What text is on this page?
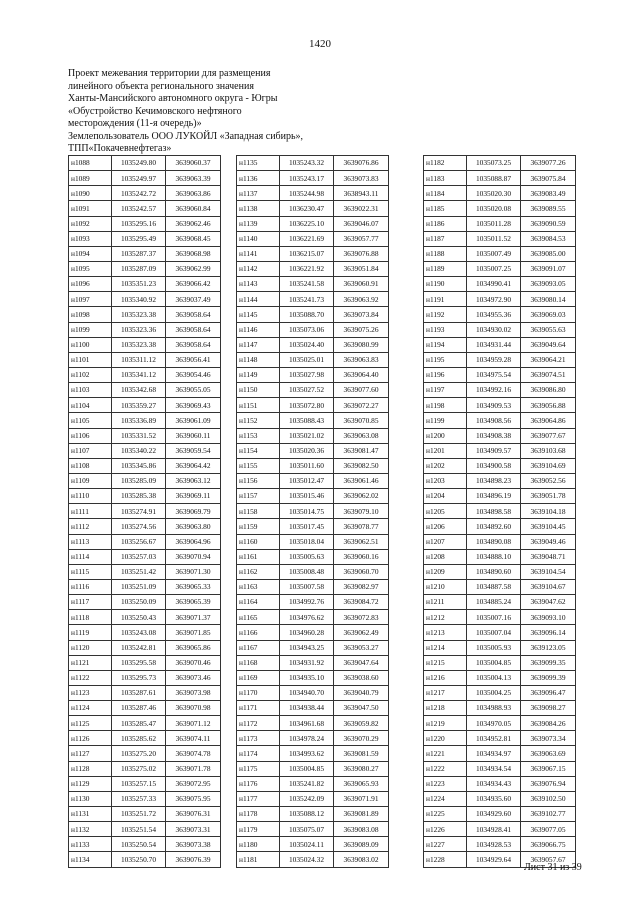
1420
Проект межевания территории для размещения
линейного объекта регионального значения
Ханты-Мансийского автономного округа - Югры
«Обустройство Кечимовского нефтяного
месторождения (11-я очередь)»
Землепользователь ООО ЛУКОЙЛ «Западная сибирь»,
ТПП«Покачевнефтегаз»
н1088	1035249.80	3639060.37
н1089	1035249.97	3639063.39
н1090	1035242.72	3639063.86
н1091	1035242.57	3639060.84
н1092	1035295.16	3639062.46
н1093	1035295.49	3639068.45
н1094	1035287.37	3639068.98
н1095	1035287.09	3639062.99
н1096	1035351.23	3639066.42
н1097	1035340.92	3639037.49
н1098	1035323.38	3639058.64
н1099	1035323.36	3639058.64
н1100	1035323.38	3639058.64
н1101	1035311.12	3639056.41
н1102	1035341.12	3639054.46
н1103	1035342.68	3639055.05
н1104	1035359.27	3639069.43
н1105	1035336.89	3639061.09
н1106	1035331.52	3639060.11
н1107	1035340.22	3639059.54
н1108	1035345.86	3639064.42
н1109	1035285.09	3639063.12
н1110	1035285.38	3639069.11
н1111	1035274.91	3639069.79
н1112	1035274.56	3639063.80
н1113	1035256.67	3639064.96
н1114	1035257.03	3639070.94
н1115	1035251.42	3639071.30
н1116	1035251.09	3639065.33
н1117	1035250.09	3639065.39
н1118	1035250.43	3639071.37
н1119	1035243.08	3639071.85
н1120	1035242.81	3639065.86
н1121	1035295.58	3639070.46
н1122	1035295.73	3639073.46
н1123	1035287.61	3639073.98
н1124	1035287.46	3639070.98
н1125	1035285.47	3639071.12
н1126	1035285.62	3639074.11
н1127	1035275.20	3639074.78
н1128	1035275.02	3639071.78
н1129	1035257.15	3639072.95
н1130	1035257.33	3639075.95
н1131	1035251.72	3639076.31
н1132	1035251.54	3639073.31
н1133	1035250.54	3639073.38
н1134	1035250.70	3639076.39
н1135	1035243.32	3639076.86
н1136	1035243.17	3639073.83
н1137	1035244.98	3638943.11
н1138	1036230.47	3639022.31
н1139	1036225.10	3639046.07
н1140	1036221.69	3639057.77
н1141	1036215.07	3639076.88
н1142	1036221.92	3639051.84
н1143	1035241.58	3639060.91
н1144	1035241.73	3639063.92
н1145	1035088.70	3639073.84
н1146	1035073.06	3639075.26
н1147	1035024.40	3639080.99
н1148	1035025.01	3639063.83
н1149	1035027.98	3639064.40
н1150	1035027.52	3639077.60
н1151	1035072.80	3639072.27
н1152	1035088.43	3639070.85
н1153	1035021.02	3639063.08
н1154	1035020.36	3639081.47
н1155	1035011.60	3639082.50
н1156	1035012.47	3639061.46
н1157	1035015.46	3639062.02
н1158	1035014.75	3639079.10
н1159	1035017.45	3639078.77
н1160	1035018.04	3639062.51
н1161	1035005.63	3639060.16
н1162	1035008.48	3639060.70
н1163	1035007.58	3639082.97
н1164	1034992.76	3639084.72
н1165	1034976.62	3639072.83
н1166	1034960.28	3639062.49
н1167	1034943.25	3639053.27
н1168	1034931.92	3639047.64
н1169	1034935.10	3639038.60
н1170	1034940.70	3639040.79
н1171	1034938.44	3639047.50
н1172	1034961.68	3639059.82
н1173	1034978.24	3639070.29
н1174	1034993.62	3639081.59
н1175	1035004.85	3639080.27
н1176	1035241.82	3639065.93
н1177	1035242.09	3639071.91
н1178	1035088.12	3639081.89
н1179	1035075.07	3639083.08
н1180	1035024.11	3639089.09
н1181	1035024.32	3639083.02
н1182	1035073.25	3639077.26
н1183	1035088.87	3639075.84
н1184	1035020.30	3639083.49
н1185	1035020.08	3639089.55
н1186	1035011.28	3639090.59
н1187	1035011.52	3639084.53
н1188	1035007.49	3639085.00
н1189	1035007.25	3639091.07
н1190	1034990.41	3639093.05
н1191	1034972.90	3639080.14
н1192	1034955.36	3639069.03
н1193	1034930.02	3639055.63
н1194	1034931.44	3639049.64
н1195	1034959.28	3639064.21
н1196	1034975.54	3639074.51
н1197	1034992.16	3639086.80
н1198	1034909.53	3639056.88
н1199	1034908.56	3639064.86
н1200	1034908.38	3639077.67
н1201	1034909.57	3639103.68
н1202	1034900.58	3639104.69
н1203	1034898.23	3639052.56
н1204	1034896.19	3639051.78
н1205	1034898.58	3639104.18
н1206	1034892.60	3639104.45
н1207	1034890.08	3639049.46
н1208	1034888.10	3639048.71
н1209	1034890.60	3639104.54
н1210	1034887.58	3639104.67
н1211	1034885.24	3639047.62
н1212	1035007.16	3639093.10
н1213	1035007.04	3639096.14
н1214	1035005.93	3639123.05
н1215	1035004.85	3639099.35
н1216	1035004.13	3639099.39
н1217	1035004.25	3639096.47
н1218	1034988.93	3639098.27
н1219	1034970.05	3639084.26
н1220	1034952.81	3639073.34
н1221	1034934.97	3639063.69
н1222	1034934.54	3639067.15
н1223	1034934.43	3639076.94
н1224	1034935.60	3639102.50
н1225	1034929.60	3639102.77
н1226	1034928.41	3639077.05
н1227	1034928.53	3639066.75
н1228	1034929.64	3639057.67
Лист 31 из 39
